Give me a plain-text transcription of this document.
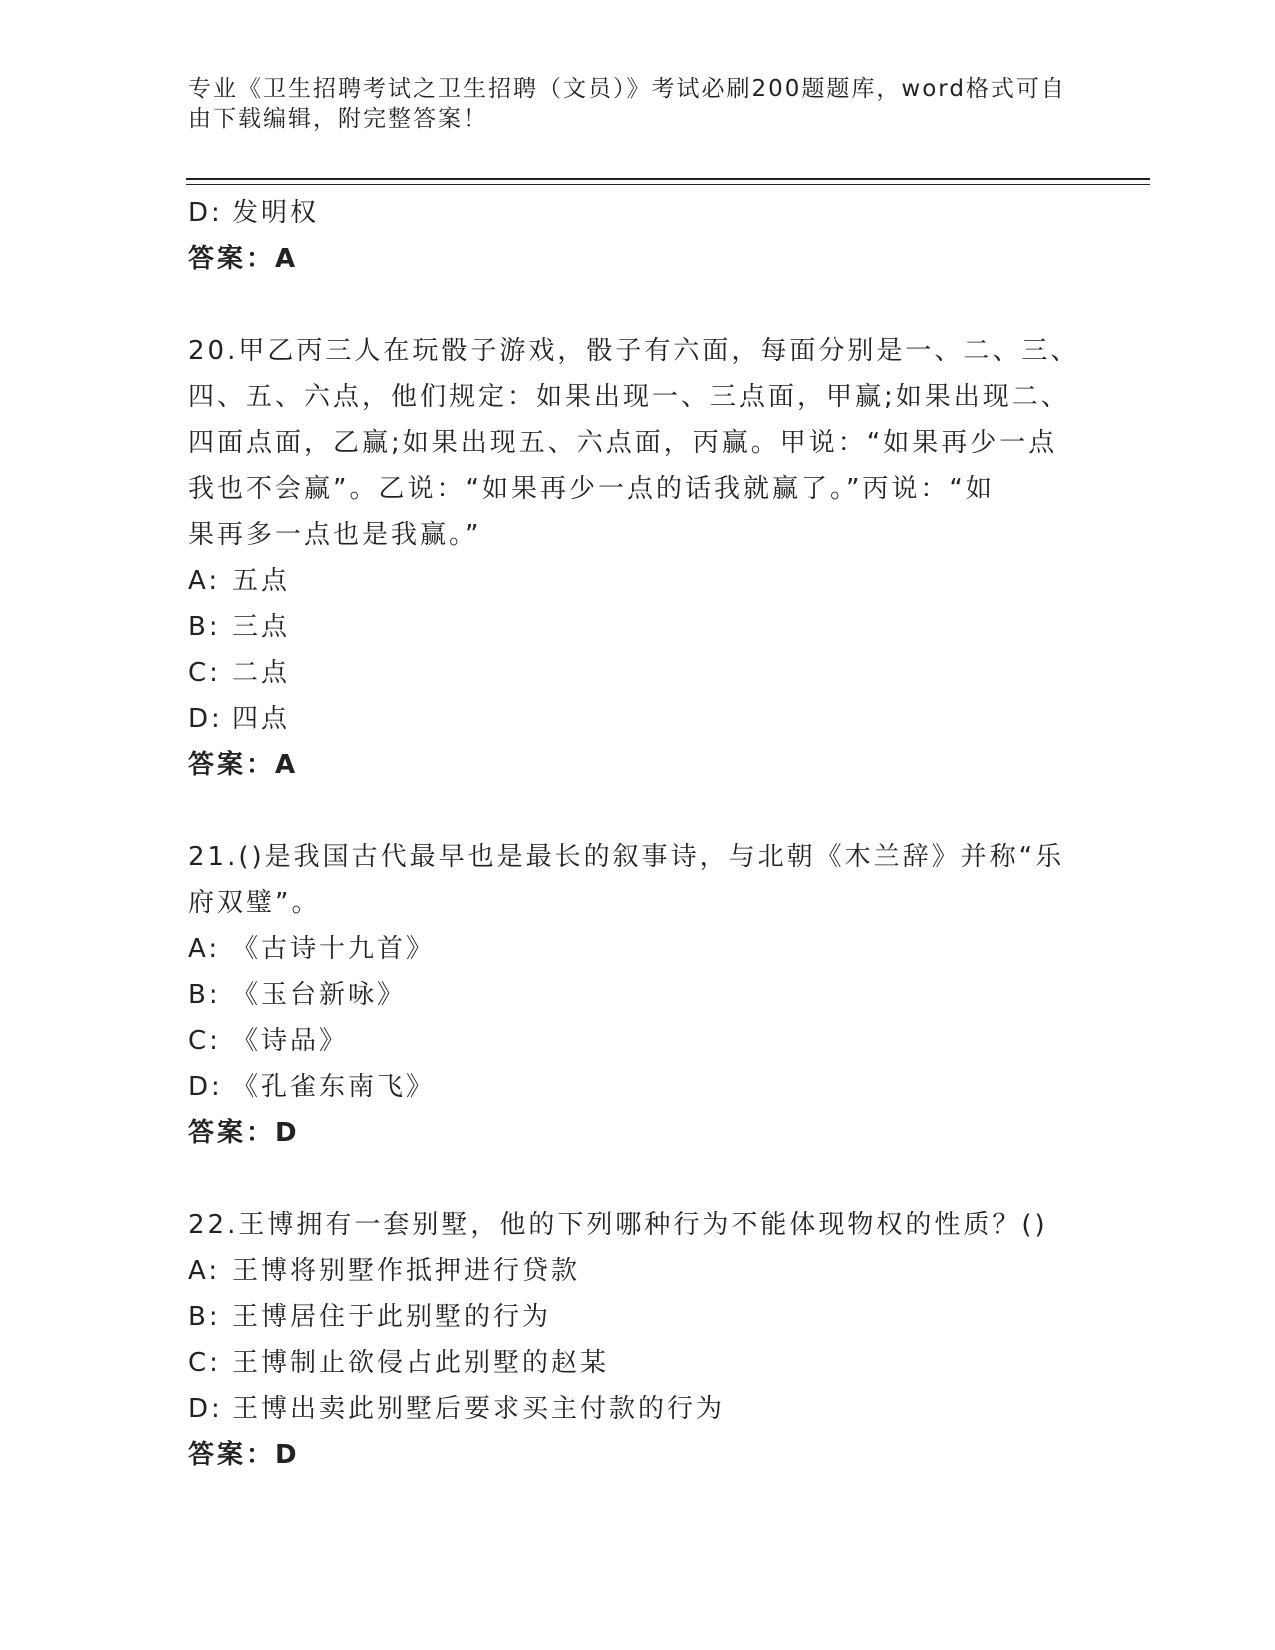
专业《卫生招聘考试之卫生招聘（文员）》考试必刷200题题库，word格式可自
由下载编辑，附完整答案！
D: 发明权
答案：A
20.甲乙丙三人在玩骰子游戏，骰子有六面，每面分别是一、二、三、
四、五、六点，他们规定：如果出现一、三点面，甲赢;如果出现二、
四面点面，乙赢;如果出现五、六点面，丙赢。甲说：“如果再少一点
我也不会赢”。乙说：“如果再少一点的话我就赢了。”丙说：“如
果再多一点也是我赢。”
A: 五点
B: 三点
C: 二点
D: 四点
答案：A
21.()是我国古代最早也是最长的叙事诗，与北朝《木兰辞》并称“乐
府双璧”。
A: 《古诗十九首》
B: 《玉台新咏》
C: 《诗品》
D: 《孔雀东南飞》
答案：D
22.王博拥有一套别墅，他的下列哪种行为不能体现物权的性质？()
A: 王博将别墅作抵押进行贷款
B: 王博居住于此别墅的行为
C: 王博制止欲侵占此别墅的赵某
D: 王博出卖此别墅后要求买主付款的行为
答案：D
